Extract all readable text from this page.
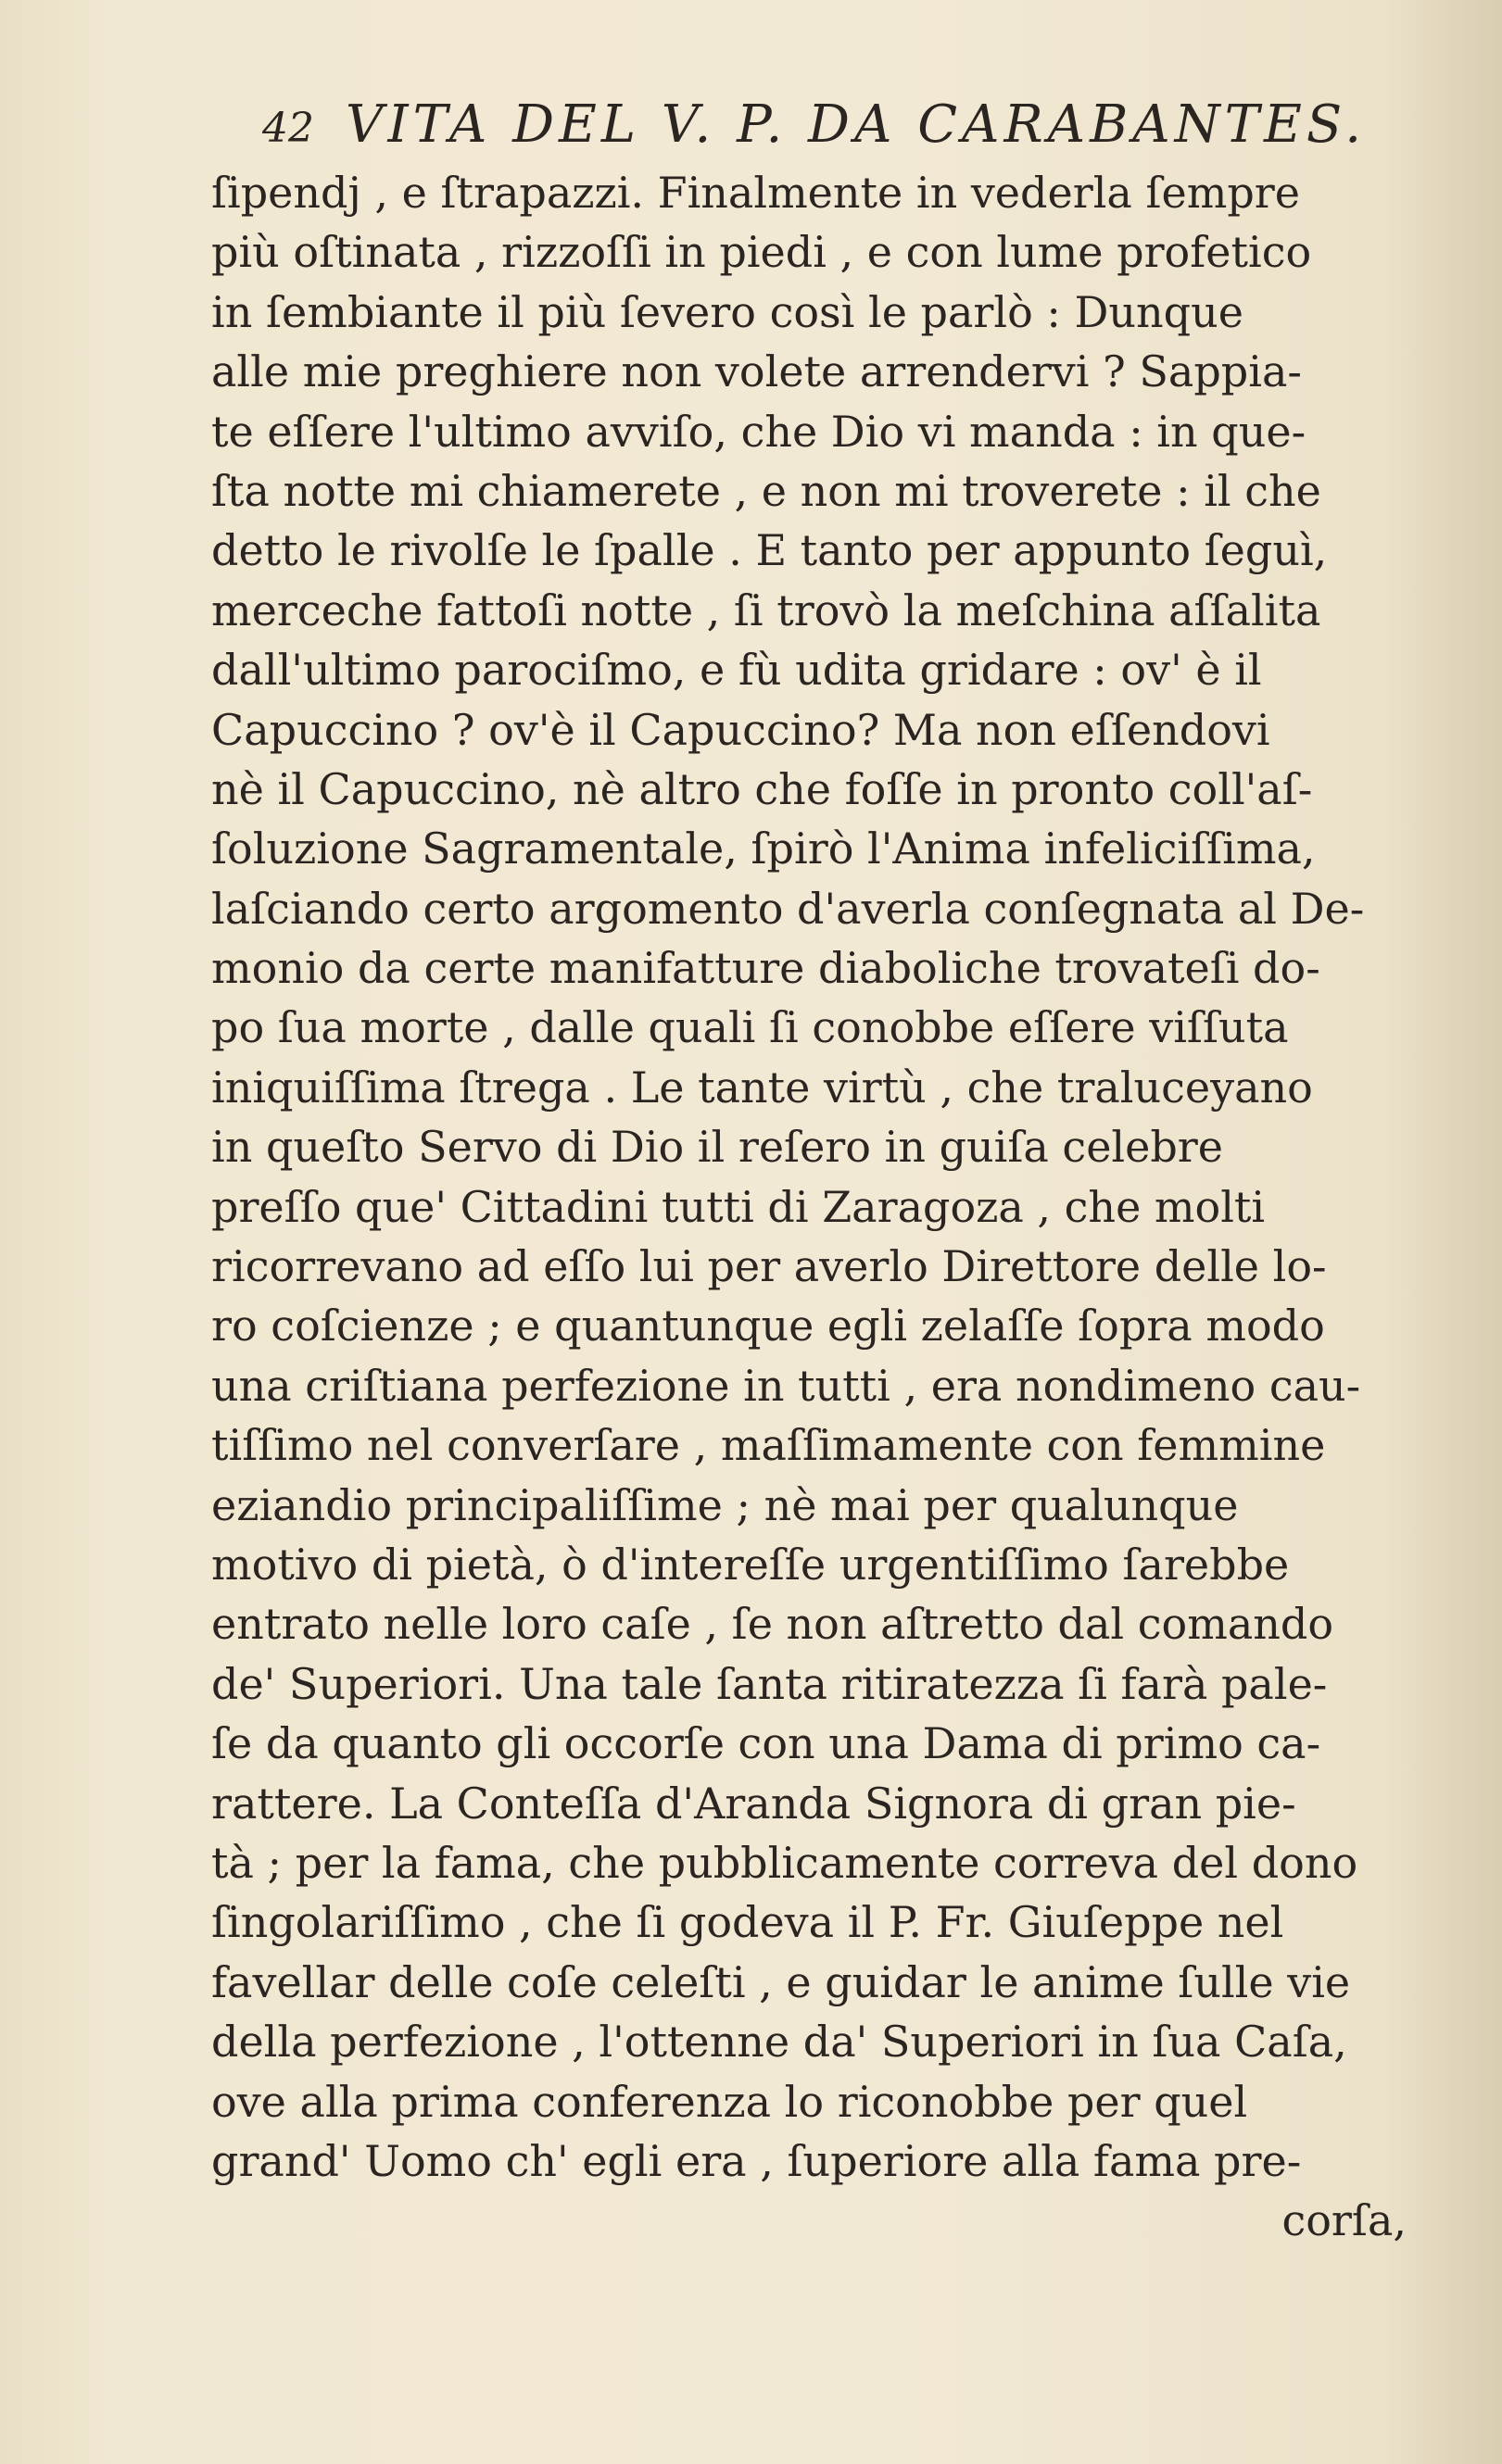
42 VITA DEL V. P. DA CARABANTES.
ſipendj , e ſtrapazzi. Finalmente in vederla ſempre
più oſtinata , rizzoſſi in piedi , e con lume profetico
in ſembiante il più ſevero così le parlò : Dunque
alle mie preghiere non volete arrendervi ? Sappia-
te eſſere l'ultimo avviſo, che Dio vi manda : in que-
ſta notte mi chiamerete , e non mi troverete : il che
detto le rivolſe le ſpalle . E tanto per appunto ſeguì,
merceche fattoſi notte , ſi trovò la meſchina aſſalita
dall'ultimo parociſmo, e fù udita gridare : ov' è il
Capuccino ? ov'è il Capuccino? Ma non eſſendovi
nè il Capuccino, nè altro che foſſe in pronto coll'aſ-
ſoluzione Sagramentale, ſpirò l'Anima infeliciſſima,
laſciando certo argomento d'averla conſegnata al De-
monio da certe manifatture diaboliche trovateſi do-
po ſua morte , dalle quali ſi conobbe eſſere viſſuta
iniquiſſima ſtrega . Le tante virtù , che traluceyano
in queſto Servo di Dio il reſero in guiſa celebre
preſſo que' Cittadini tutti di Zaragoza , che molti
ricorrevano ad eſſo lui per averlo Direttore delle lo-
ro coſcienze ; e quantunque egli zelaſſe ſopra modo
una criſtiana perfezione in tutti , era nondimeno cau-
tiſſimo nel converſare , maſſimamente con femmine
eziandio principaliſſime ; nè mai per qualunque
motivo di pietà, ò d'intereſſe urgentiſſimo ſarebbe
entrato nelle loro caſe , ſe non aſtretto dal comando
de' Superiori. Una tale ſanta ritiratezza ſi farà pale-
ſe da quanto gli occorſe con una Dama di primo ca-
rattere. La Conteſſa d'Aranda Signora di gran pie-
tà ; per la fama, che pubblicamente correva del dono
ſingolariſſimo , che ſi godeva il P. Fr. Giuſeppe nel
favellar delle coſe celeſti , e guidar le anime ſulle vie
della perfezione , l'ottenne da' Superiori in ſua Caſa,
ove alla prima conferenza lo riconobbe per quel
grand' Uomo ch' egli era , ſuperiore alla fama pre-
corſa,
